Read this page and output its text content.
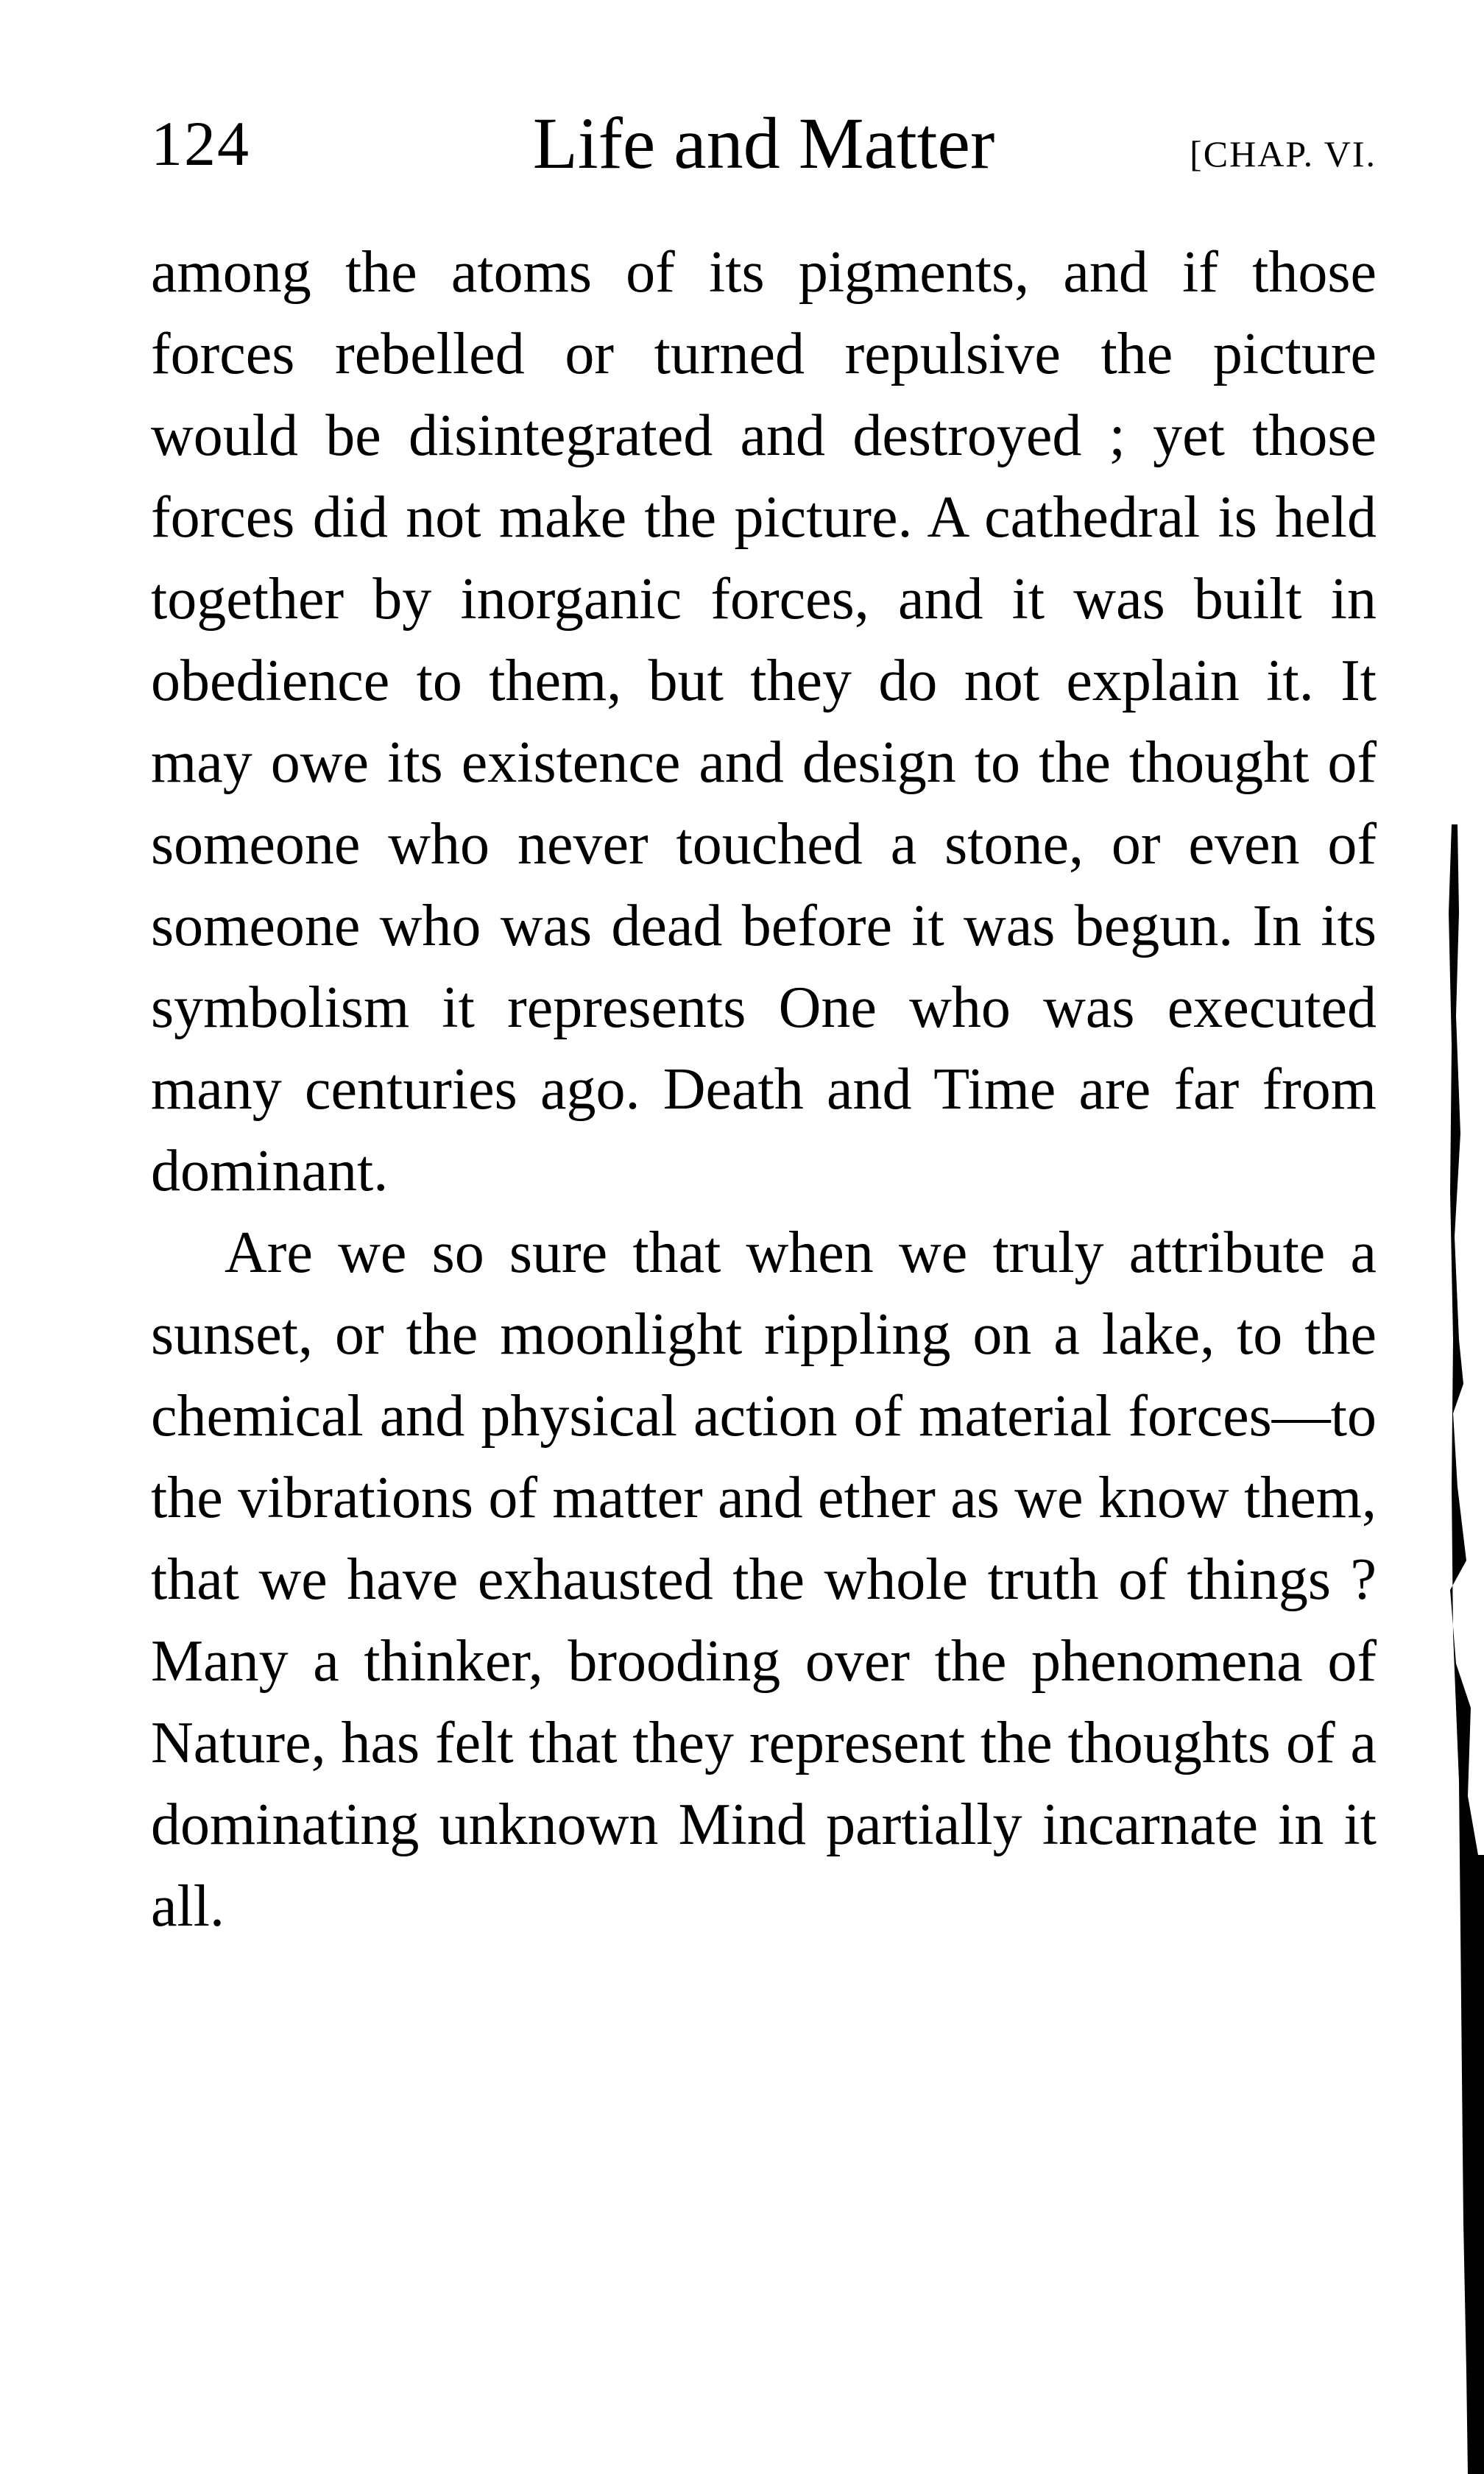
124	Life and Matter	[CHAP. VI.

among the atoms of its pigments, and if those forces rebelled or turned repulsive the picture would be disintegrated and destroyed ; yet those forces did not make the picture. A cathedral is held together by inorganic forces, and it was built in obedience to them, but they do not explain it. It may owe its existence and design to the thought of someone who never touched a stone, or even of someone who was dead before it was begun. In its symbolism it represents One who was executed many centuries ago. Death and Time are far from dominant.

Are we so sure that when we truly attribute a sunset, or the moonlight rippling on a lake, to the chemical and physical action of material forces—to the vibrations of matter and ether as we know them, that we have exhausted the whole truth of things ? Many a thinker, brooding over the phenomena of Nature, has felt that they represent the thoughts of a dominating unknown Mind partially incarnate in it all.
